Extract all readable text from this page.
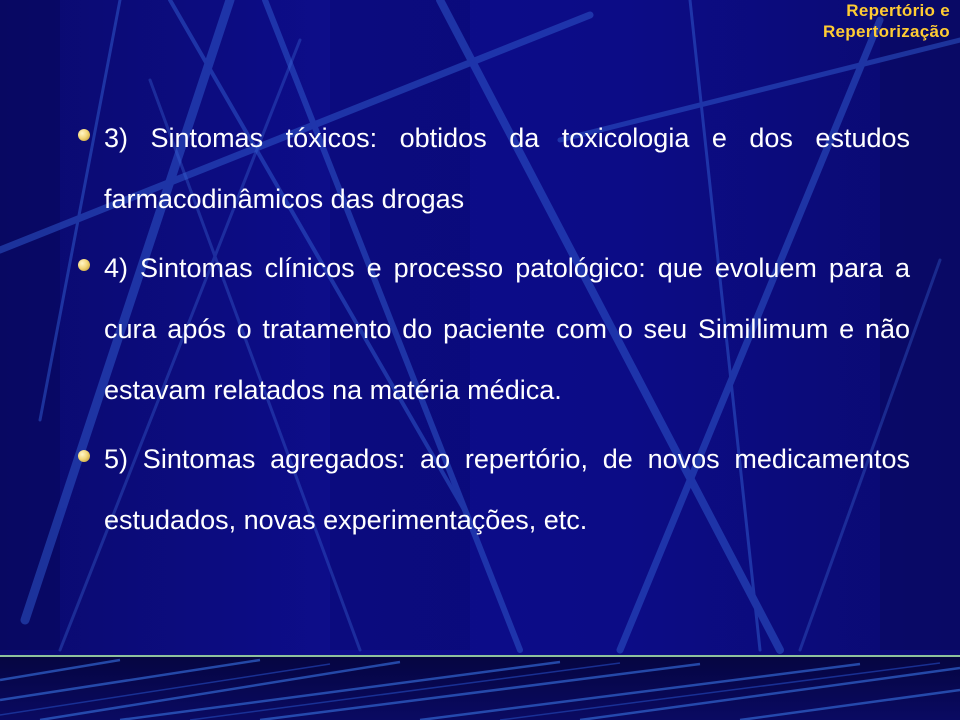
Repertório e
Repertorização
3) Sintomas tóxicos: obtidos da toxicologia e dos estudos farmacodinâmicos das drogas
4) Sintomas clínicos e processo patológico: que evoluem para a cura após o tratamento do paciente com o seu Simillimum e não estavam relatados na matéria médica.
5) Sintomas agregados: ao repertório, de novos medicamentos estudados, novas experimentações, etc.
